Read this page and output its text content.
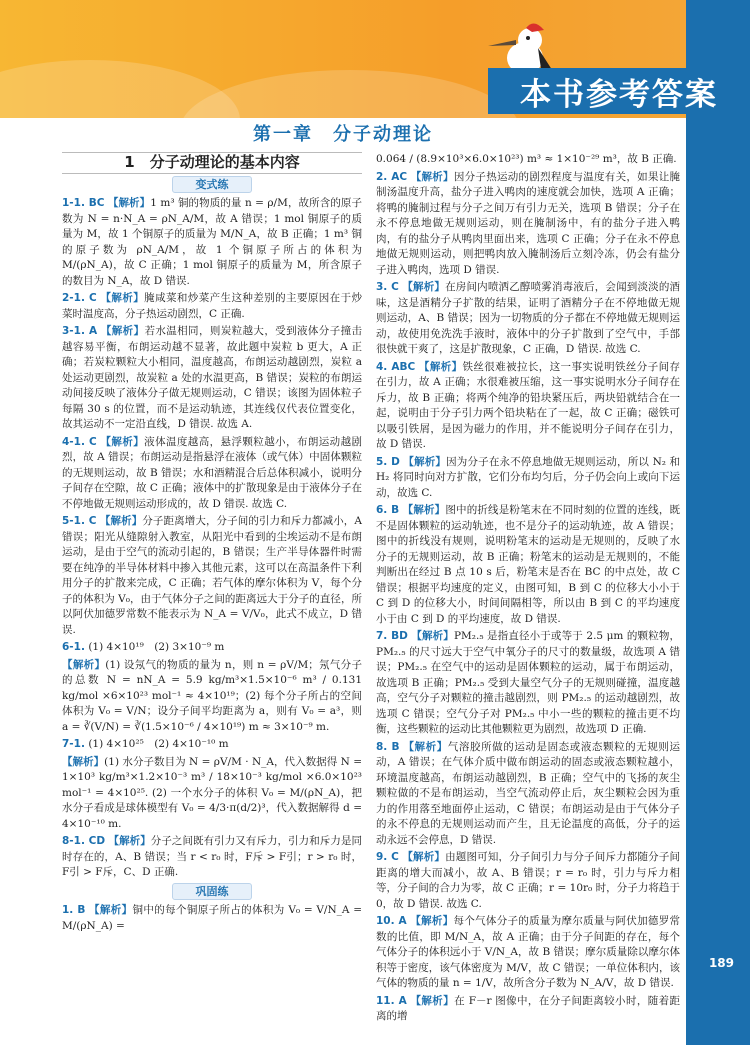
本书参考答案
第一章　分子动理论
1　分子动理论的基本内容
变式练
1-1. BC 【解析】1 m³ 铜的物质的量 n = ρ/M，故所含的原子数为 N = n·N_A = ρN_A/M，故 A 错误；1 mol 铜原子的质量为 M，故 1 个铜原子的质量为 M/N_A，故 B 正确；1 m³ 铜的原子数为 ρN_A/M，故 1 个铜原子所占的体积为 M/(ρN_A)，故 C 正确；1 mol 铜原子的质量为 M，所含原子的数目为 N_A，故 D 错误.
2-1. C 【解析】腌咸菜和炒菜产生这种差别的主要原因在于炒菜时温度高，分子热运动剧烈，C 正确.
3-1. A 【解析】若水温相同，则炭粒越大，受到液体分子撞击越容易平衡，布朗运动越不显著，故此题中炭粒 b 更大，A 正确；若炭粒颗粒大小相同，温度越高，布朗运动越剧烈，炭粒 a 处运动更剧烈，故炭粒 a 处的水温更高，B 错误；炭粒的布朗运动间接反映了液体分子做无规则运动，C 错误；该图为固体粒子每隔 30 s 的位置，而不是运动轨迹，其连线仅代表位置变化，故其运动不一定沿直线，D 错误. 故选 A.
4-1. C 【解析】液体温度越高，悬浮颗粒越小，布朗运动越剧烈，故 A 错误；布朗运动是指悬浮在液体（或气体）中固体颗粒的无规则运动，故 B 错误；水和酒精混合后总体积减小，说明分子间存在空隙，故 C 正确；液体中的扩散现象是由于液体分子在不停地做无规则运动形成的，故 D 错误. 故选 C.
5-1. C 【解析】分子距离增大，分子间的引力和斥力都减小，A 错误；阳光从缝隙射入教室，从阳光中看到的尘埃运动不是布朗运动，是由于空气的流动引起的，B 错误；生产半导体器件时需要在纯净的半导体材料中掺入其他元素，这可以在高温条件下利用分子的扩散来完成，C 正确；若气体的摩尔体积为 V，每个分子的体积为 V₀，由于气体分子之间的距离远大于分子的直径，所以阿伏加德罗常数不能表示为 N_A = V/V₀，此式不成立，D 错误.
6-1. (1) 4×10¹⁹　(2) 3×10⁻⁹ m
【解析】(1) 设氖气的物质的量为 n，则 n = ρV/M；氖气分子的总数 N = nN_A = 5.9 kg/m³×1.5×10⁻⁶ m³ / 0.131 kg/mol ×6×10²³ mol⁻¹ ≈ 4×10¹⁹；(2) 每个分子所占的空间体积为 V₀ = V/N；设分子间平均距离为 a，则有 V₀ = a³，则 a = ∛(V/N) = ∛(1.5×10⁻⁶ / 4×10¹⁹) m ≈ 3×10⁻⁹ m.
7-1. (1) 4×10²⁵　(2) 4×10⁻¹⁰ m
【解析】(1) 水分子数目为 N = ρV/M · N_A，代入数据得 N = 1×10³ kg/m³×1.2×10⁻³ m³ / 18×10⁻³ kg/mol ×6.0×10²³ mol⁻¹ = 4×10²⁵. (2) 一个水分子的体积 V₀ = M/(ρN_A)，把水分子看成是球体模型有 V₀ = 4/3·π(d/2)³，代入数据解得 d = 4×10⁻¹⁰ m.
8-1. CD 【解析】分子之间既有引力又有斥力，引力和斥力是同时存在的，A、B 错误；当 r < r₀ 时，F斥 > F引；r > r₀ 时，F引 > F斥，C、D 正确.
巩固练
1. B 【解析】铜中的每个铜原子所占的体积为 V₀ = V/N_A = M/(ρN_A) =
0.064 / (8.9×10³×6.0×10²³) m³ ≈ 1×10⁻²⁹ m³，故 B 正确.
2. AC 【解析】因分子热运动的剧烈程度与温度有关，如果让腌制汤温度升高，盐分子进入鸭肉的速度就会加快，选项 A 正确；将鸭的腌制过程与分子之间万有引力无关，选项 B 错误；分子在永不停息地做无规则运动，则在腌制汤中，有的盐分子进入鸭肉，有的盐分子从鸭肉里面出来，选项 C 正确；分子在永不停息地做无规则运动，则把鸭肉放入腌制汤后立刻冷冻，仍会有盐分子进入鸭肉，选项 D 错误.
3. C 【解析】在房间内喷洒乙醇喷雾消毒液后，会闻到淡淡的酒味，这是酒精分子扩散的结果，证明了酒精分子在不停地做无规则运动，A、B 错误；因为一切物质的分子都在不停地做无规则运动，故使用免洗洗手液时，液体中的分子扩散到了空气中，手部很快就干爽了，这是扩散现象，C 正确，D 错误. 故选 C.
4. ABC 【解析】铁丝很难被拉长，这一事实说明铁丝分子间存在引力，故 A 正确；水很难被压缩，这一事实说明水分子间存在斥力，故 B 正确；将两个纯净的铅块紧压后，两块铅就结合在一起，说明由于分子引力两个铅块粘在了一起，故 C 正确；磁铁可以吸引铁屑，是因为磁力的作用，并不能说明分子间存在引力，故 D 错误.
5. D 【解析】因为分子在永不停息地做无规则运动，所以 N₂ 和 H₂ 将同时向对方扩散，它们分布均匀后，分子仍会向上或向下运动，故选 C.
6. B 【解析】图中的折线是粉笔末在不同时刻的位置的连线，既不是固体颗粒的运动轨迹，也不是分子的运动轨迹，故 A 错误；图中的折线没有规则，说明粉笔末的运动是无规则的，反映了水分子的无规则运动，故 B 正确；粉笔末的运动是无规则的，不能判断出在经过 B 点 10 s 后，粉笔末是否在 BC 的中点处，故 C 错误；根据平均速度的定义，由图可知，B 到 C 的位移大小小于 C 到 D 的位移大小，时间间隔相等，所以由 B 到 C 的平均速度小于由 C 到 D 的平均速度，故 D 错误.
7. BD 【解析】PM₂.₅ 是指直径小于或等于 2.5 μm 的颗粒物，PM₂.₅ 的尺寸远大于空气中氧分子的尺寸的数量级，故选项 A 错误；PM₂.₅ 在空气中的运动是固体颗粒的运动，属于布朗运动，故选项 B 正确；PM₂.₅ 受到大量空气分子的无规则碰撞，温度越高，空气分子对颗粒的撞击越剧烈，则 PM₂.₅ 的运动越剧烈，故选项 C 错误；空气分子对 PM₂.₅ 中小一些的颗粒的撞击更不均衡，这些颗粒的运动比其他颗粒更为剧烈，故选项 D 正确.
8. B 【解析】气溶胶所做的运动是固态或液态颗粒的无规则运动，A 错误；在气体介质中做布朗运动的固态或液态颗粒越小，环境温度越高，布朗运动越剧烈，B 正确；空气中的飞扬的灰尘颗粒做的不是布朗运动，当空气流动停止后，灰尘颗粒会因为重力的作用落至地面停止运动，C 错误；布朗运动是由于气体分子的永不停息的无规则运动而产生，且无论温度的高低，分子的运动永远不会停息，D 错误.
9. C 【解析】由题图可知，分子间引力与分子间斥力都随分子间距离的增大而减小，故 A、B 错误；r = r₀ 时，引力与斥力相等，分子间的合力为零，故 C 正确；r = 10r₀ 时，分子力将趋于 0，故 D 错误. 故选 C.
10. A 【解析】每个气体分子的质量为摩尔质量与阿伏加德罗常数的比值，即 M/N_A，故 A 正确；由于分子间距的存在，每个气体分子的体积远小于 V/N_A，故 B 错误；摩尔质量除以摩尔体积等于密度，该气体密度为 M/V，故 C 错误；一单位体积内，该气体的物质的量 n = 1/V，故所含分子数为 N_A/V，故 D 错误.
11. A 【解析】在 F－r 图像中，在分子间距离较小时，随着距离的增
189
